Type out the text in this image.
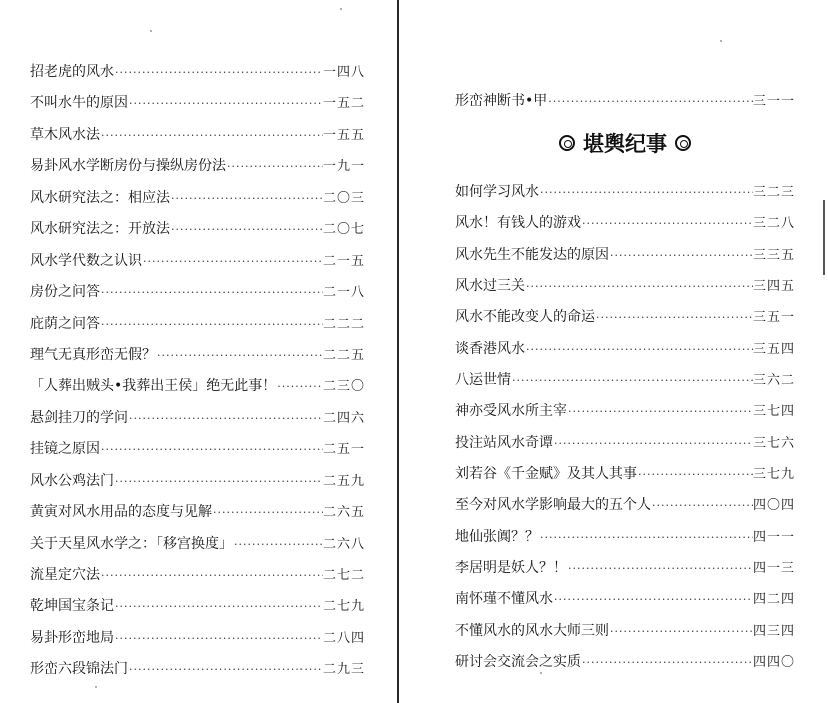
招老虎的风水 ·····	一四八
不叫水牛的原因 ·····	一五二
草木风水法 ·····	一五五
易卦风水学断房份与操纵房份法 ·····	一九一
风水研究法之：相应法 ·····	二〇三
风水研究法之：开放法 ·····	二〇七
风水学代数之认识 ·····	二一五
房份之问答 ·····	二一八
庇荫之问答 ·····	二二二
理气无真形峦无假？ ·····	二二五
「人葬出贼头•我葬出王侯」绝无此事！ ·····	二三〇
悬剑挂刀的学问 ·····	二四六
挂镜之原因 ·····	二五一
风水公鸡法门 ·····	二五九
黄寅对风水用品的态度与见解 ·····	二六五
关于天星风水学之：「移宫换度」 ·····	二六八
流星定穴法 ·····	二七二
乾坤国宝条记 ·····	二七九
易卦形峦地局 ·····	二八四
形峦六段锦法门 ·····	二九三
形峦神断书•甲 ·····	三一一
堪舆纪事
如何学习风水 ·····	三二三
风水！有钱人的游戏 ·····	三二八
风水先生不能发达的原因 ·····	三三五
风水过三关 ·····	三四五
风水不能改变人的命运 ·····	三五一
谈香港风水 ·····	三五四
八运世情 ·····	三六二
神亦受风水所主宰 ·····	三七四
投注站风水奇谭 ·····	三七六
刘若谷《千金赋》及其人其事 ·····	三七九
至今对风水学影响最大的五个人 ·····	四〇四
地仙张阗？？ ·····	四一一
李居明是妖人？！ ·····	四一三
南怀瑾不懂风水 ·····	四二四
不懂风水的风水大师三则 ·····	四三四
研讨会交流会之实质 ·····	四四〇
